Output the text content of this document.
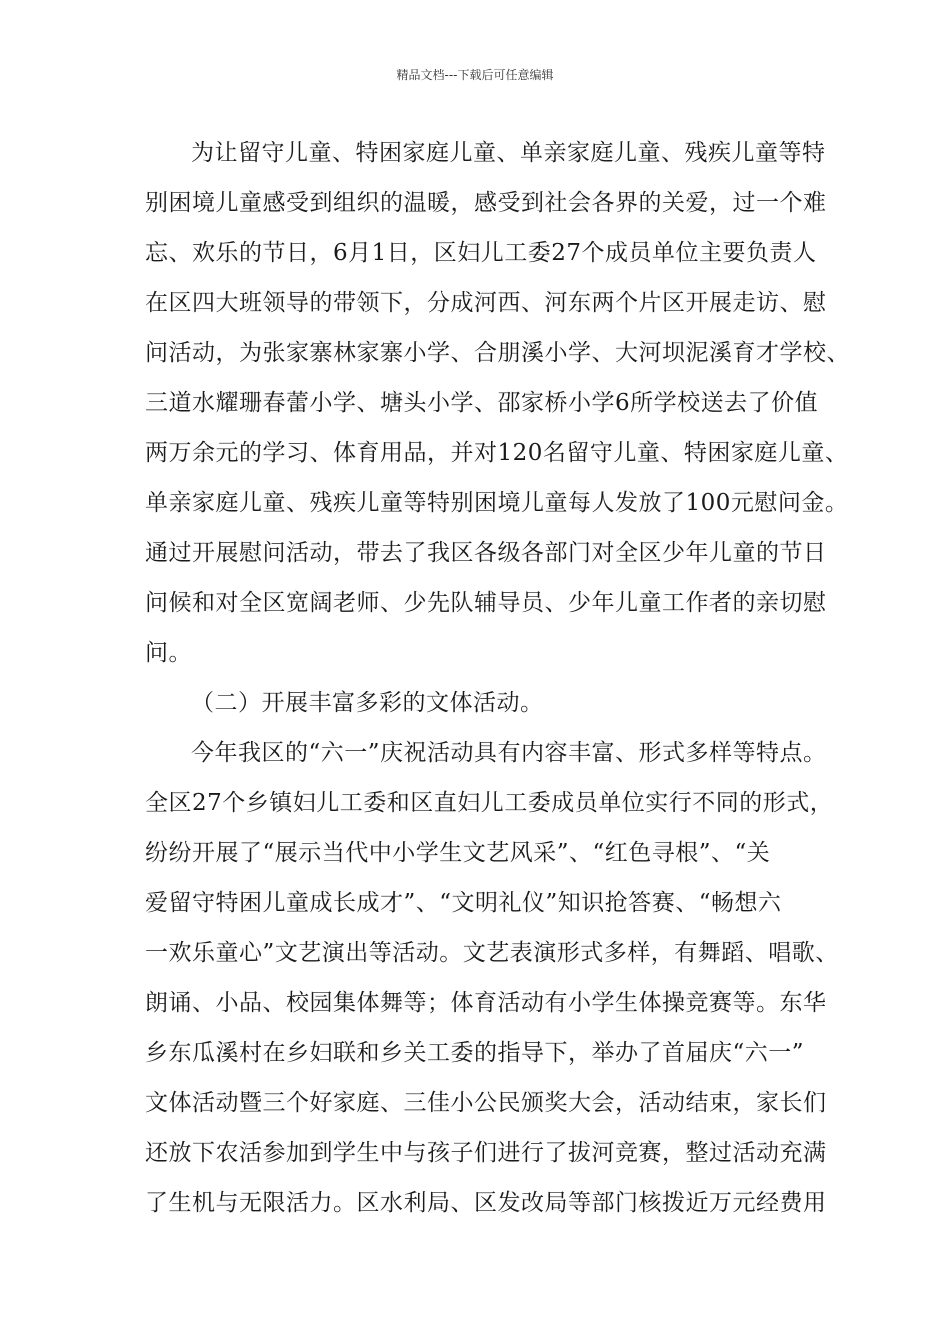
精品文档---下载后可任意编辑
为让留守儿童、特困家庭儿童、单亲家庭儿童、残疾儿童等特
别困境儿童感受到组织的温暖，感受到社会各界的关爱，过一个难
忘、欢乐的节日，6月1日，区妇儿工委27个成员单位主要负责人
在区四大班领导的带领下，分成河西、河东两个片区开展走访、慰
问活动，为张家寨林家寨小学、合朋溪小学、大河坝泥溪育才学校、
三道水耀珊春蕾小学、塘头小学、邵家桥小学6所学校送去了价值
两万余元的学习、体育用品，并对120名留守儿童、特困家庭儿童、
单亲家庭儿童、残疾儿童等特别困境儿童每人发放了100元慰问金。
通过开展慰问活动，带去了我区各级各部门对全区少年儿童的节日
问候和对全区宽阔老师、少先队辅导员、少年儿童工作者的亲切慰
问。
（二）开展丰富多彩的文体活动。
今年我区的“六一”庆祝活动具有内容丰富、形式多样等特点。
全区27个乡镇妇儿工委和区直妇儿工委成员单位实行不同的形式，
纷纷开展了“展示当代中小学生文艺风采”、“红色寻根”、“关
爱留守特困儿童成长成才”、“文明礼仪”知识抢答赛、“畅想六
一欢乐童心”文艺演出等活动。文艺表演形式多样，有舞蹈、唱歌、
朗诵、小品、校园集体舞等；体育活动有小学生体操竞赛等。东华
乡东瓜溪村在乡妇联和乡关工委的指导下，举办了首届庆“六一”
文体活动暨三个好家庭、三佳小公民颁奖大会，活动结束，家长们
还放下农活参加到学生中与孩子们进行了拔河竞赛，整过活动充满
了生机与无限活力。区水利局、区发改局等部门核拨近万元经费用
